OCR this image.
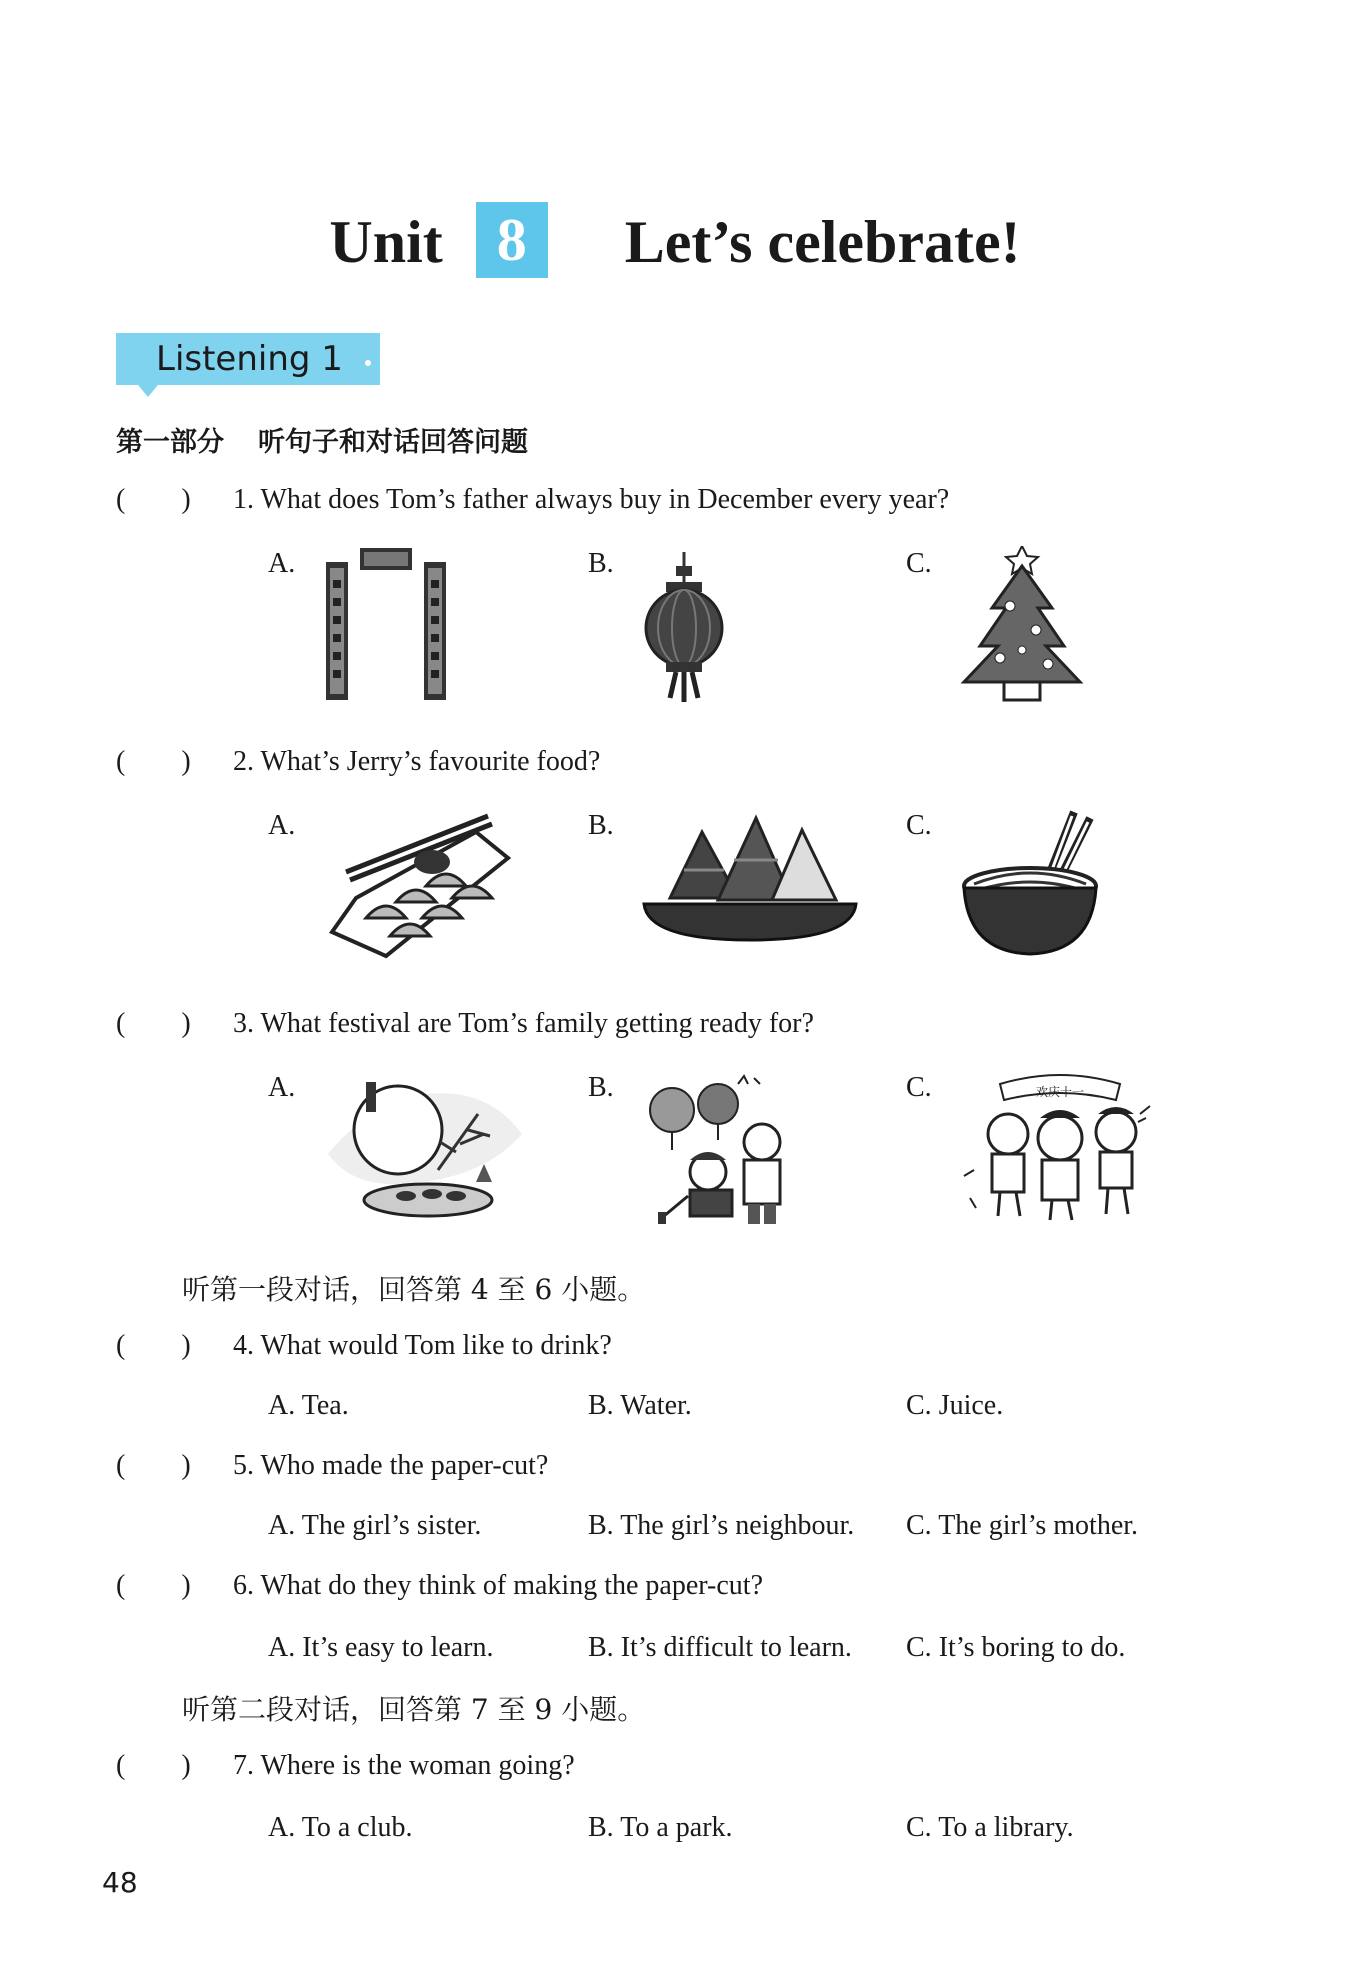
Unit 8 Let’s celebrate!
Listening 1
第一部分 听句子和对话回答问题
(        ) 1. What does Tom’s father always buy in December every year?
A.	B.	C.
(        ) 2. What’s Jerry’s favourite food?
A.	B.	C.
(        ) 3. What festival are Tom’s family getting ready for?
A.	B.	C.	欢庆十一
听第一段对话，回答第 4 至 6 小题。
(        ) 4. What would Tom like to drink?
A. Tea.	B. Water.	C. Juice.
(        ) 5. Who made the paper-cut?
A. The girl’s sister.	B. The girl’s neighbour. C. The girl’s mother.
(        ) 6. What do they think of making the paper-cut?
A. It’s easy to learn.	B. It’s difficult to learn. C. It’s boring to do.
听第二段对话，回答第 7 至 9 小题。
(        ) 7. Where is the woman going?
A. To a club.	B. To a park.	C. To a library.
48
